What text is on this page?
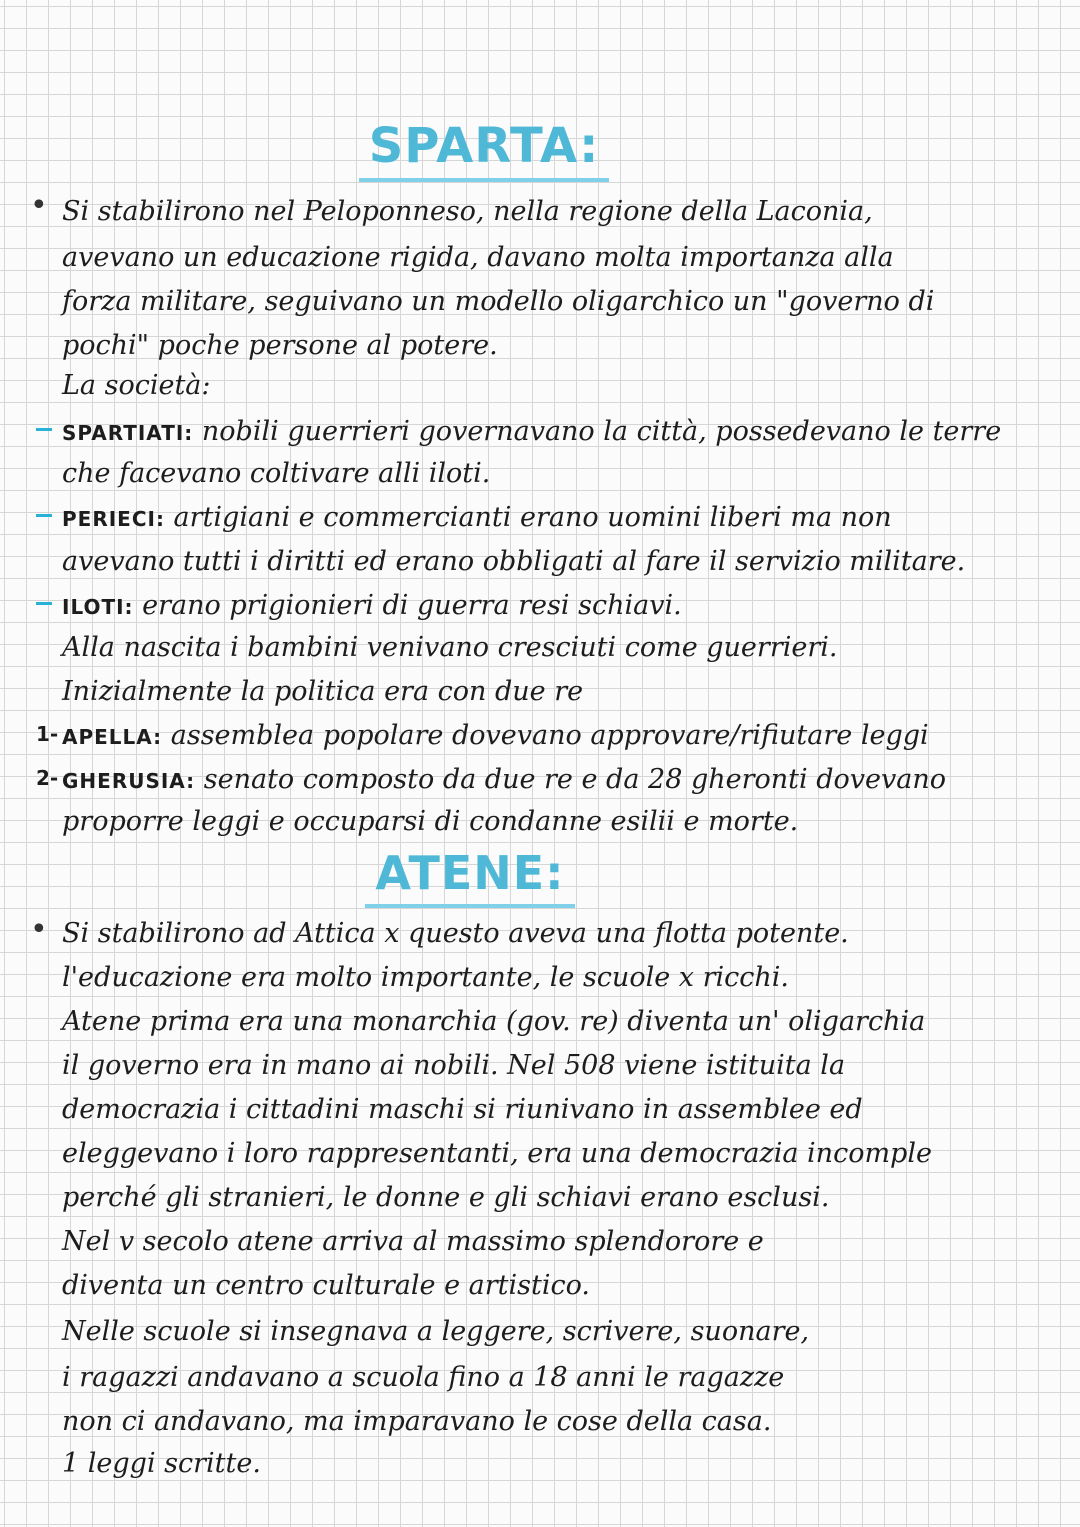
SPARTA:
• Si stabilirono nel Peloponneso, nella regione della Laconia,
avevano un educazione rigida, davano molta importanza alla
forza militare, seguivano un modello oligarchico un "governo di
pochi" poche persone al potere.
La società:
SPARTIATI: nobili guerrieri governavano la città, possedevano le terre
che facevano coltivare alli iloti.
PERIECI: artigiani e commercianti erano uomini liberi ma non
avevano tutti i diritti ed erano obbligati al fare il servizio militare.
ILOTI: erano prigionieri di guerra resi schiavi.
Alla nascita i bambini venivano cresciuti come guerrieri.
Inizialmente la politica era con due re
1- APELLA: assemblea popolare dovevano approvare/rifiutare leggi
2- GHERUSIA: senato composto da due re e da 28 gheronti dovevano
proporre leggi e occuparsi di condanne esilii e morte.
ATENE:
• Si stabilirono ad Attica x questo aveva una flotta potente.
l'educazione era molto importante, le scuole x ricchi.
Atene prima era una monarchia (gov. re) diventa un' oligarchia
il governo era in mano ai nobili. Nel 508 viene istituita la
democrazia i cittadini maschi si riunivano in assemblee ed
eleggevano i loro rappresentanti, era una democrazia incomple
perché gli stranieri, le donne e gli schiavi erano esclusi.
Nel v secolo atene arriva al massimo splendorore e
diventa un centro culturale e artistico.
Nelle scuole si insegnava a leggere, scrivere, suonare,
i ragazzi andavano a scuola fino a 18 anni le ragazze
non ci andavano, ma imparavano le cose della casa.
1 leggi scritte.
